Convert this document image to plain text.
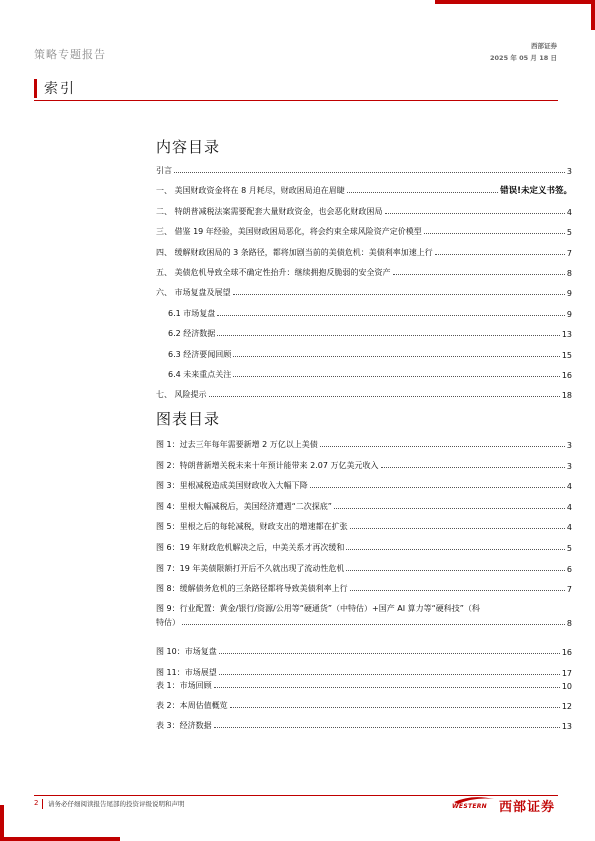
策略专题报告
西部证券
2025 年 05 月 18 日
索引
内容目录
引言	3
一、 美国财政资金将在 8 月耗尽，财政困局迫在眉睫	错误!未定义书签。
二、 特朗普减税法案需要配套大量财政资金，也会恶化财政困局	4
三、 借鉴 19 年经验，美国财政困局恶化，将会约束全球风险资产定价模型	5
四、 缓解财政困局的 3 条路径，都将加剧当前的美债危机：美债利率加速上行	7
五、 美债危机导致全球不确定性抬升：继续拥抱反脆弱的安全资产	8
六、 市场复盘及展望	9
6.1 市场复盘	9
6.2 经济数据	13
6.3 经济要闻回顾	15
6.4 未来重点关注	16
七、 风险提示	18
图表目录
图 1：过去三年每年需要新增 2 万亿以上美债	3
图 2：特朗普新增关税未来十年预计能带来 2.07 万亿美元收入	3
图 3：里根减税造成美国财政收入大幅下降	4
图 4：里根大幅减税后，美国经济遭遇“二次探底”	4
图 5：里根之后的每轮减税，财政支出的增速都在扩张	4
图 6：19 年财政危机解决之后，中美关系才再次缓和	5
图 7：19 年美债限额打开后不久就出现了流动性危机	6
图 8：缓解债务危机的三条路径都将导致美债利率上行	7
图 9：行业配置：黄金/银行/资源/公用等“硬通货”（中特估）+国产 AI 算力等“硬科技”（科
特估）	8
图 10：市场复盘	16
图 11：市场展望	17
表 1：市场回顾	10
表 2：本周估值概览	12
表 3：经济数据	13
2 请务必仔细阅读报告尾部的投资评级说明和声明	WESTERN 西部证券
